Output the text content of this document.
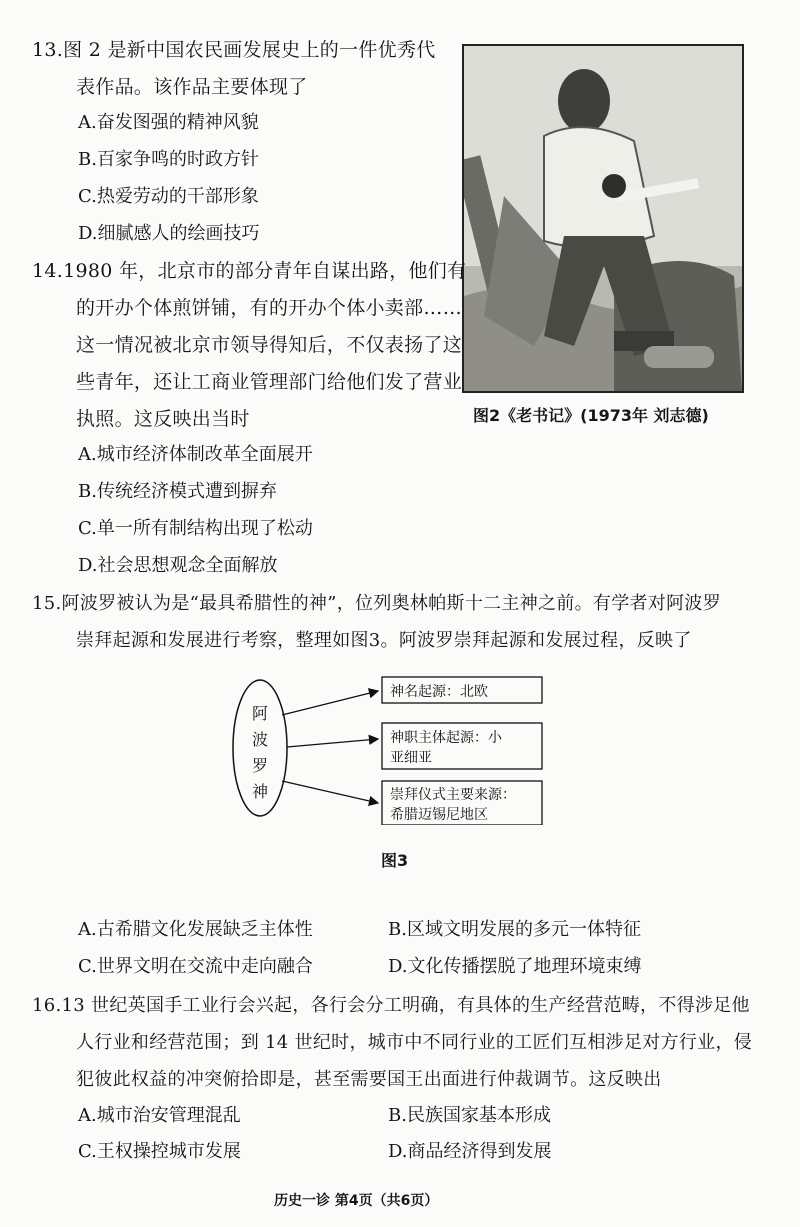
13.图 2 是新中国农民画发展史上的一件优秀代
表作品。该作品主要体现了
A.奋发图强的精神风貌
B.百家争鸣的时政方针
C.热爱劳动的干部形象
D.细腻感人的绘画技巧
图2《老书记》(1973年 刘志德)
14.1980 年，北京市的部分青年自谋出路，他们有
的开办个体煎饼铺，有的开办个体小卖部……
这一情况被北京市领导得知后，不仅表扬了这
些青年，还让工商业管理部门给他们发了营业
执照。这反映出当时
A.城市经济体制改革全面展开
B.传统经济模式遭到摒弃
C.单一所有制结构出现了松动
D.社会思想观念全面解放
15.阿波罗被认为是“最具希腊性的神”，位列奥林帕斯十二主神之前。有学者对阿波罗
崇拜起源和发展进行考察，整理如图3。阿波罗崇拜起源和发展过程，反映了
阿
波
罗
神
神名起源：北欧
神职主体起源：小
亚细亚
崇拜仪式主要来源：
希腊迈锡尼地区
图3
A.古希腊文化发展缺乏主体性	B.区域文明发展的多元一体特征
C.世界文明在交流中走向融合	D.文化传播摆脱了地理环境束缚
16.13 世纪英国手工业行会兴起，各行会分工明确，有具体的生产经营范畴，不得涉足他
人行业和经营范围；到 14 世纪时，城市中不同行业的工匠们互相涉足对方行业，侵
犯彼此权益的冲突俯拾即是，甚至需要国王出面进行仲裁调节。这反映出
A.城市治安管理混乱	B.民族国家基本形成
C.王权操控城市发展	D.商品经济得到发展
历史一诊 第4页（共6页）
